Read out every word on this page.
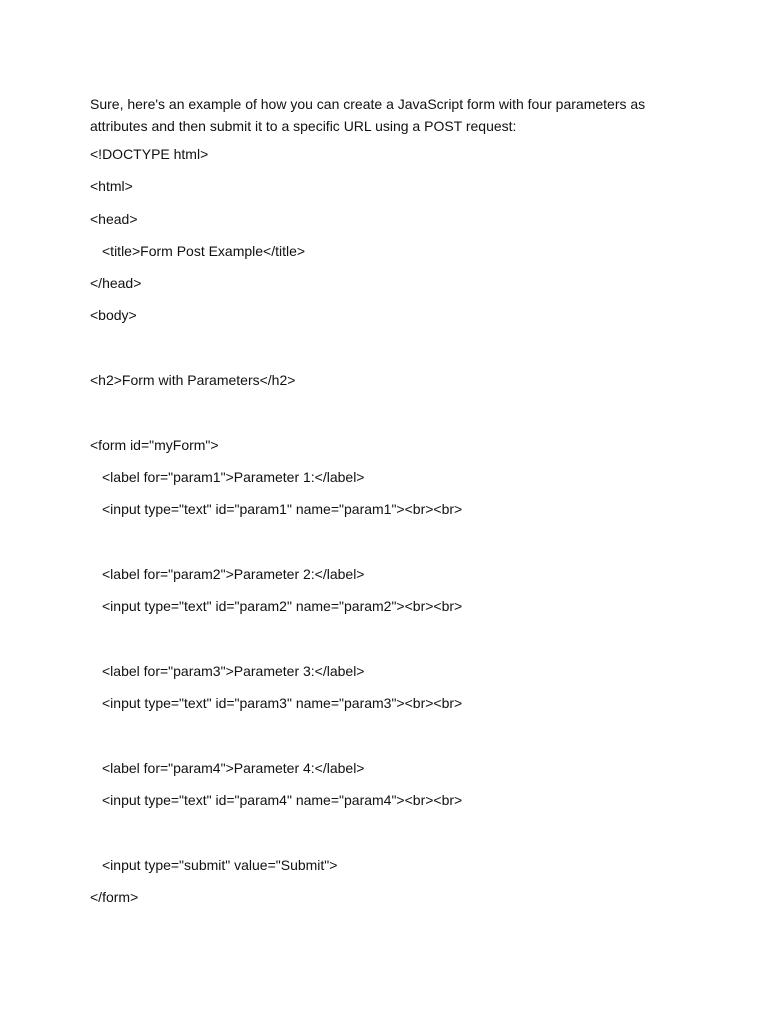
Sure, here's an example of how you can create a JavaScript form with four parameters as attributes and then submit it to a specific URL using a POST request:

<!DOCTYPE html>
<html>
<head>
<title>Form Post Example</title>
</head>
<body>
<h2>Form with Parameters</h2>
<form id="myForm">
<label for="param1">Parameter 1:</label>
<input type="text" id="param1" name="param1"><br><br>
<label for="param2">Parameter 2:</label>
<input type="text" id="param2" name="param2"><br><br>
<label for="param3">Parameter 3:</label>
<input type="text" id="param3" name="param3"><br><br>
<label for="param4">Parameter 4:</label>
<input type="text" id="param4" name="param4"><br><br>
<input type="submit" value="Submit">
</form>
